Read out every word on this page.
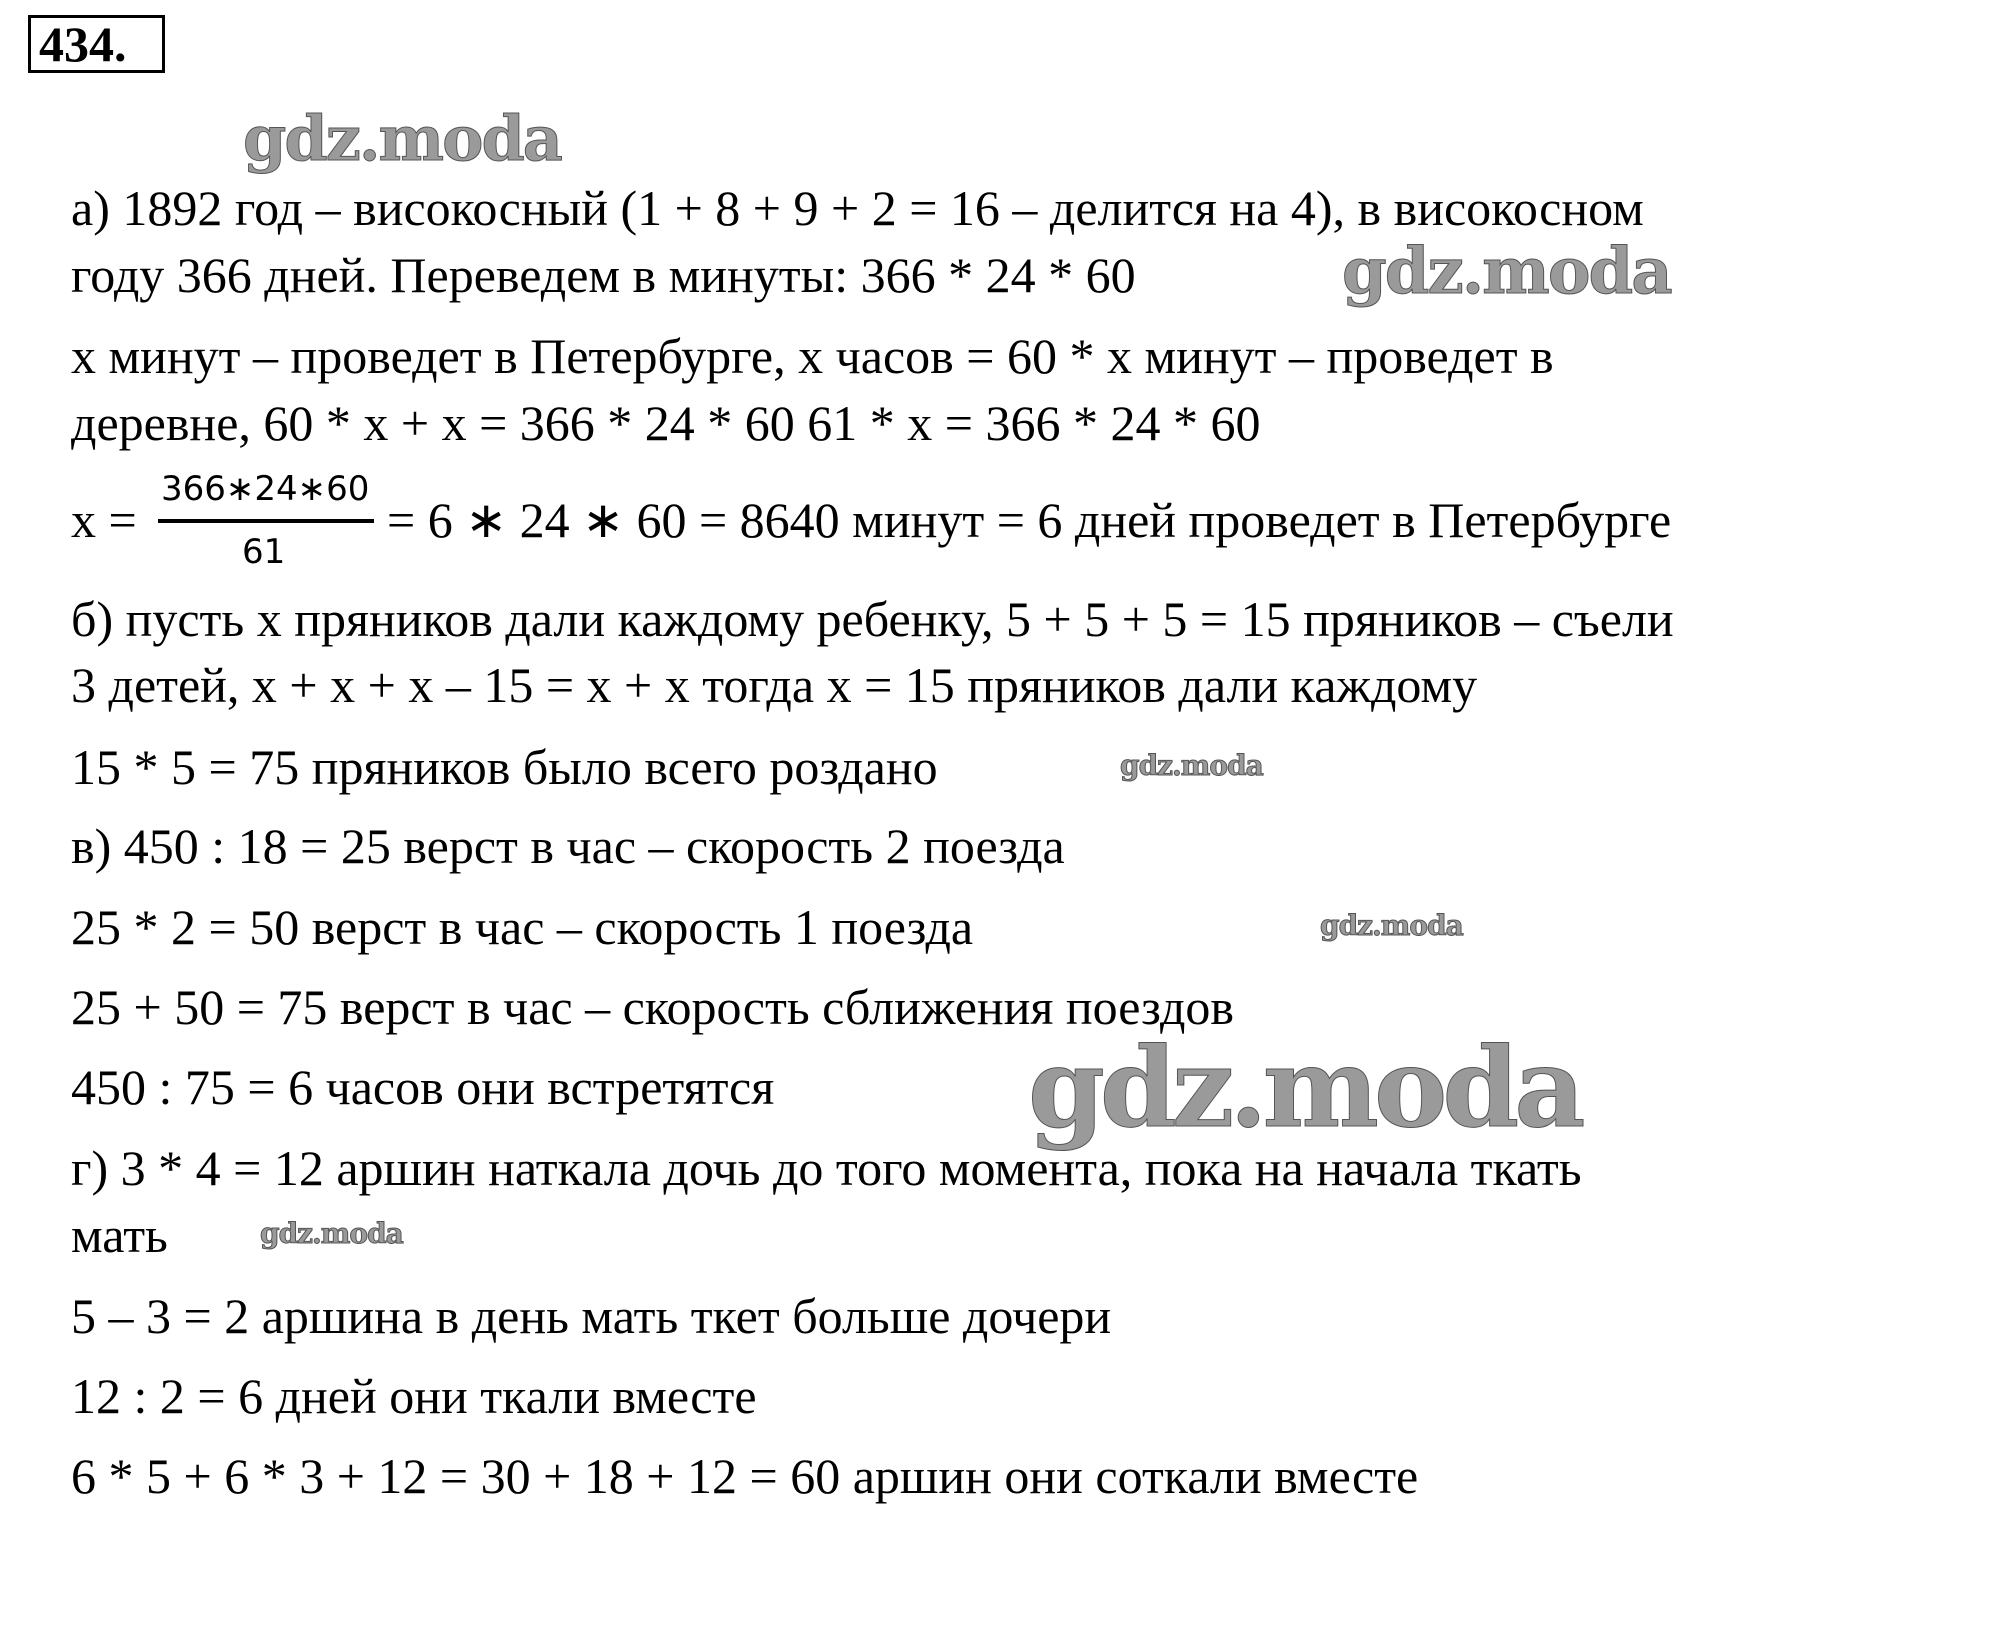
434.
gdz.moda
gdz.moda
gdz.moda
gdz.moda
gdz.moda
gdz.moda
а) 1892 год – високосный (1 + 8 + 9 + 2 = 16 – делится на 4), в високосном
году 366 дней. Переведем в минуты: 366 * 24 * 60
х минут – проведет в Петербурге, х часов = 60 * х минут – проведет в
деревне, 60 * х + х = 366 * 24 * 60 61 * х = 366 * 24 * 60
х =
366∗24∗60
61
= 6 ∗ 24 ∗ 60 = 8640 минут = 6 дней проведет в Петербурге
б) пусть х пряников дали каждому ребенку, 5 + 5 + 5 = 15 пряников – съели
3 детей, х + х + х – 15 = х + х тогда х = 15 пряников дали каждому
15 * 5 = 75 пряников было всего роздано
в) 450 : 18 = 25 верст в час – скорость 2 поезда
25 * 2 = 50 верст в час – скорость 1 поезда
25 + 50 = 75 верст в час – скорость сближения поездов
450 : 75 = 6 часов они встретятся
г) 3 * 4 = 12 аршин наткала дочь до того момента, пока на начала ткать
мать
5 – 3 = 2 аршина в день мать ткет больше дочери
12 : 2 = 6 дней они ткали вместе
6 * 5 + 6 * 3 + 12 = 30 + 18 + 12 = 60 аршин они соткали вместе
